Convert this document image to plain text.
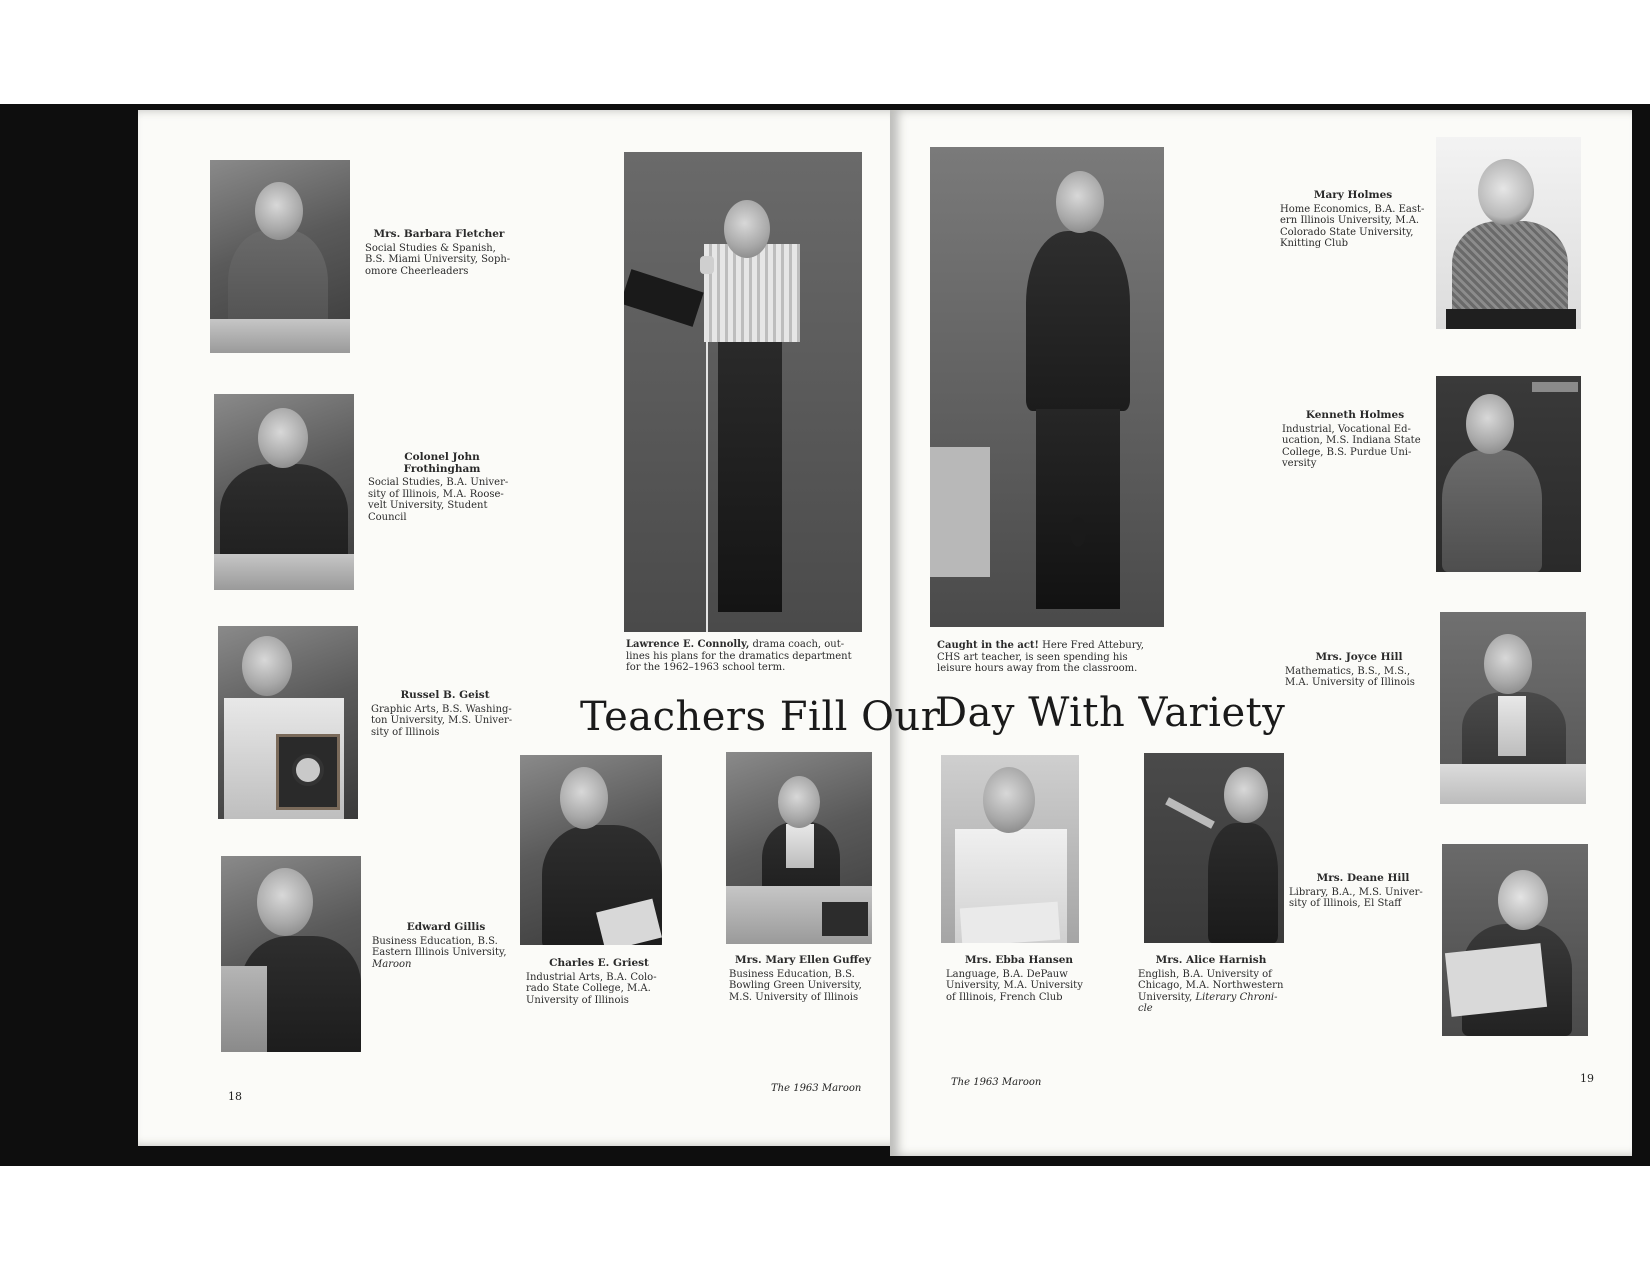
Teachers Fill Our
Day With Variety
Lawrence E. Connolly, drama coach, out-
lines his plans for the dramatics department
for the 1962–1963 school term.
Caught in the act! Here Fred Attebury,
CHS art teacher, is seen spending his
leisure hours away from the classroom.
Mrs. Barbara Fletcher
Social Studies & Spanish,
B.S. Miami University, Soph-
omore Cheerleaders
Colonel John
Frothingham
Social Studies, B.A. Univer-
sity of Illinois, M.A. Roose-
velt University, Student
Council
Russel B. Geist
Graphic Arts, B.S. Washing-
ton University, M.S. Univer-
sity of Illinois
Edward Gillis
Business Education, B.S.
Eastern Illinois University,
Maroon	Charles E. Griest
Industrial Arts, B.A. Colo-
rado State College, M.A.
University of Illinois
Mrs. Mary Ellen Guffey
Business Education, B.S.
Bowling Green University,
M.S. University of Illinois
Mrs. Ebba Hansen
Language, B.A. DePauw
University, M.A. University
of Illinois, French Club
Mrs. Alice Harnish
English, B.A. University of
Chicago, M.A. Northwestern
University, Literary Chroni-
cle
Mary Holmes
Home Economics, B.A. East-
ern Illinois University, M.A.
Colorado State University,
Knitting Club
Kenneth Holmes
Industrial, Vocational Ed-
ucation, M.S. Indiana State
College, B.S. Purdue Uni-
versity
Mrs. Joyce Hill
Mathematics, B.S., M.S.,
M.A. University of Illinois
Mrs. Deane Hill
Library, B.A., M.S. Univer-
sity of Illinois, El Staff
18
The 1963 Maroon
The 1963 Maroon	19
